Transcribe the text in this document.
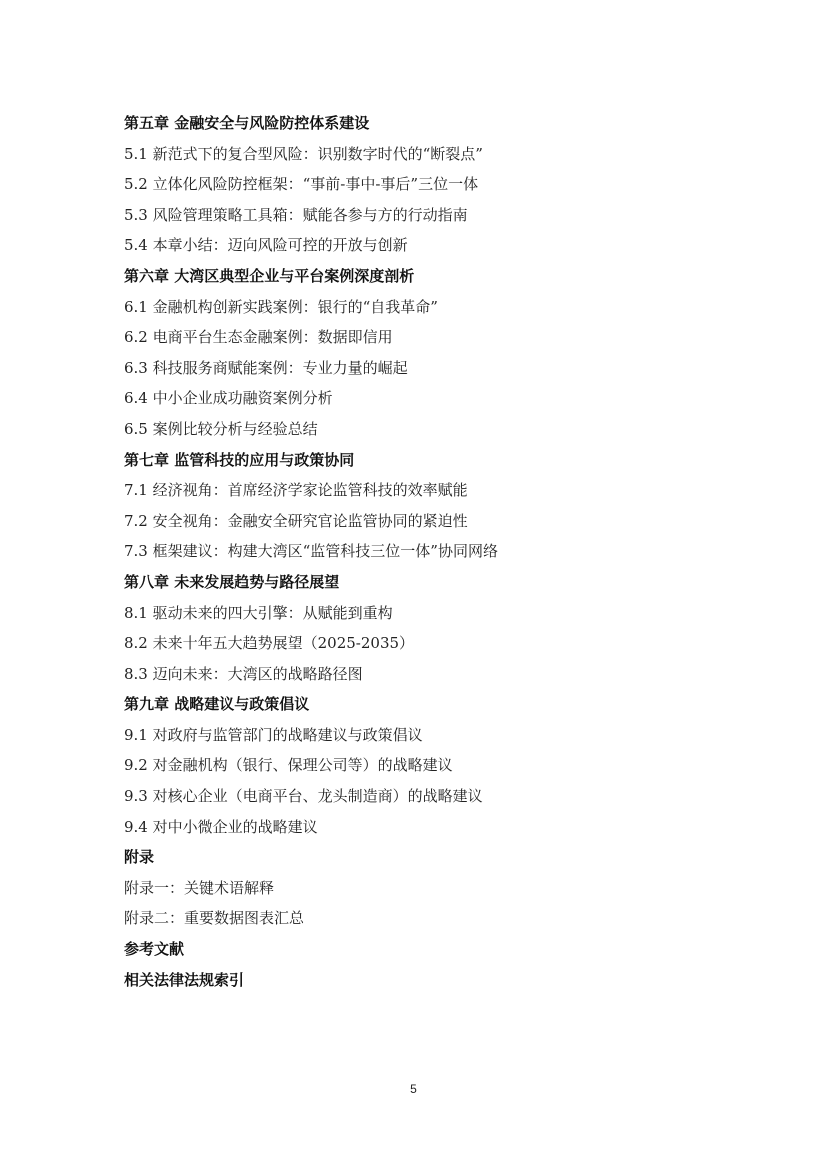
第五章 金融安全与风险防控体系建设
5.1 新范式下的复合型风险：识别数字时代的“断裂点”
5.2 立体化风险防控框架：“事前-事中-事后”三位一体
5.3 风险管理策略工具箱：赋能各参与方的行动指南
5.4 本章小结：迈向风险可控的开放与创新
第六章 大湾区典型企业与平台案例深度剖析
6.1 金融机构创新实践案例：银行的“自我革命”
6.2 电商平台生态金融案例：数据即信用
6.3 科技服务商赋能案例：专业力量的崛起
6.4 中小企业成功融资案例分析
6.5 案例比较分析与经验总结
第七章 监管科技的应用与政策协同
7.1 经济视角：首席经济学家论监管科技的效率赋能
7.2 安全视角：金融安全研究官论监管协同的紧迫性
7.3 框架建议：构建大湾区“监管科技三位一体”协同网络
第八章 未来发展趋势与路径展望
8.1 驱动未来的四大引擎：从赋能到重构
8.2 未来十年五大趋势展望（2025-2035）
8.3 迈向未来：大湾区的战略路径图
第九章 战略建议与政策倡议
9.1 对政府与监管部门的战略建议与政策倡议
9.2 对金融机构（银行、保理公司等）的战略建议
9.3 对核心企业（电商平台、龙头制造商）的战略建议
9.4 对中小微企业的战略建议
附录
附录一：关键术语解释
附录二：重要数据图表汇总
参考文献
相关法律法规索引
5
